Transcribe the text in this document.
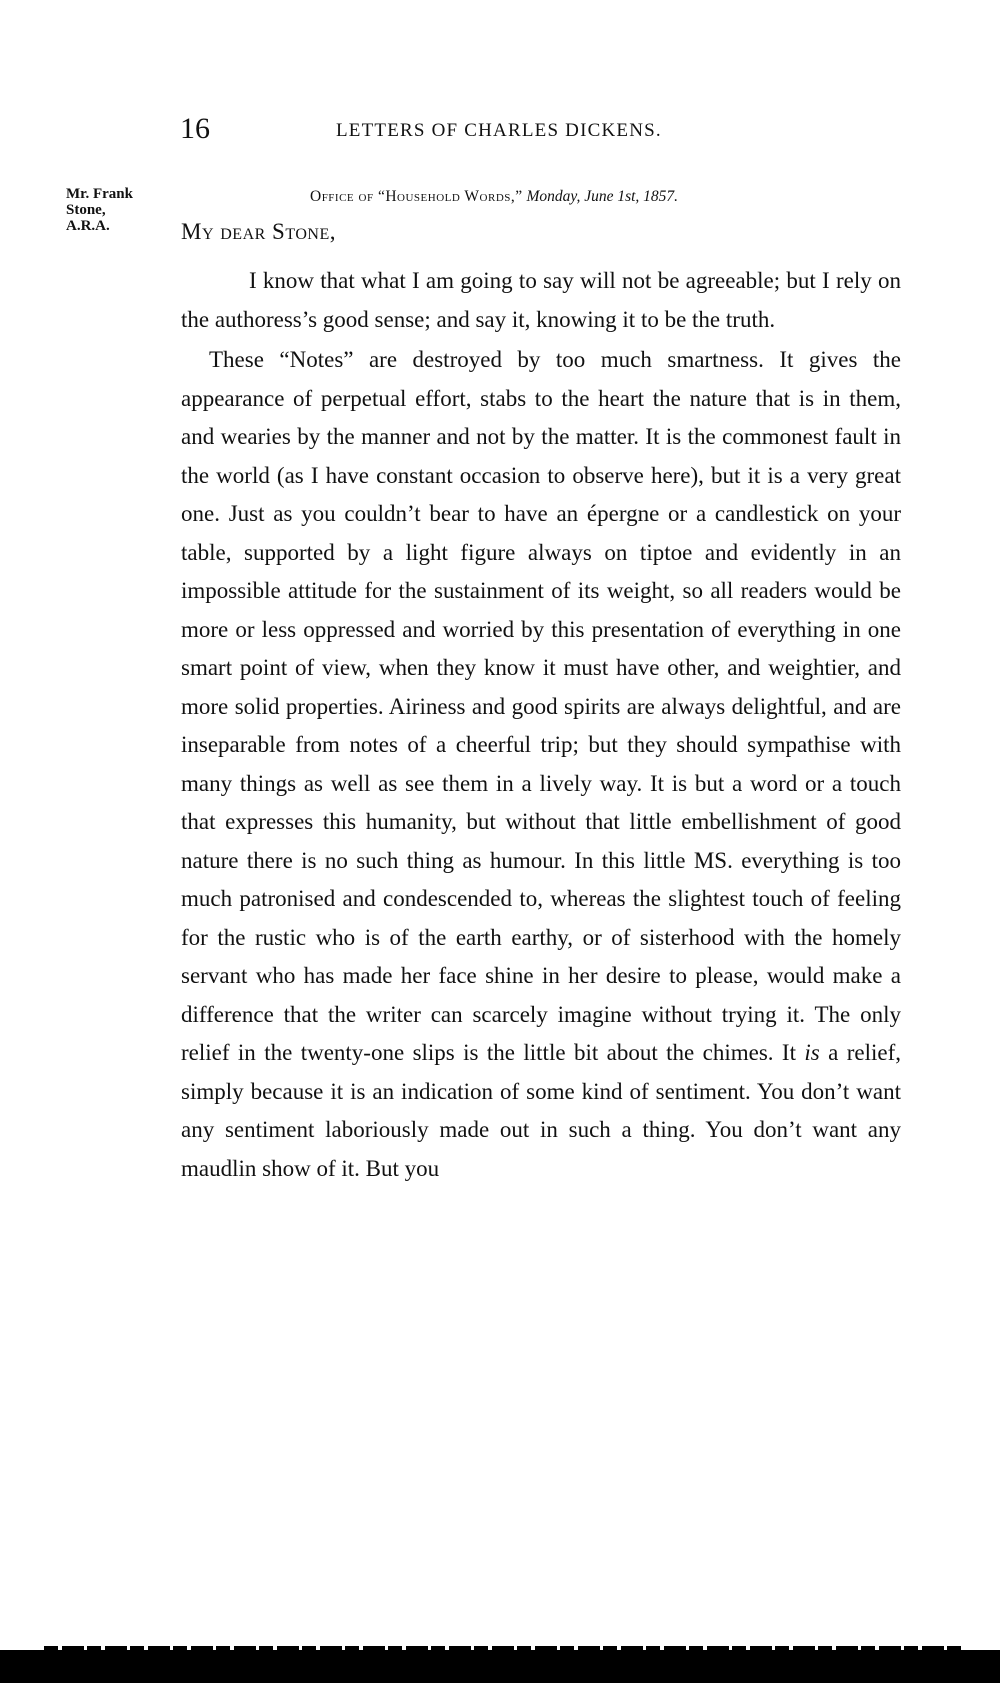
16	LETTERS OF CHARLES DICKENS.
Mr. Frank
Stone,
A.R.A.
Office of “Household Words,” Monday, June 1st, 1857.
My dear Stone,

I know that what I am going to say will not be agreeable; but I rely on the authoress’s good sense; and say it, knowing it to be the truth.

These “Notes” are destroyed by too much smartness. It gives the appearance of perpetual effort, stabs to the heart the nature that is in them, and wearies by the manner and not by the matter. It is the commonest fault in the world (as I have constant occasion to observe here), but it is a very great one. Just as you couldn’t bear to have an épergne or a candlestick on your table, supported by a light figure always on tiptoe and evidently in an impossible attitude for the sustainment of its weight, so all readers would be more or less oppressed and worried by this presentation of everything in one smart point of view, when they know it must have other, and weightier, and more solid properties. Airiness and good spirits are always delightful, and are inseparable from notes of a cheerful trip; but they should sympathise with many things as well as see them in a lively way. It is but a word or a touch that expresses this humanity, but without that little embellishment of good nature there is no such thing as humour. In this little MS. everything is too much patronised and condescended to, whereas the slightest touch of feeling for the rustic who is of the earth earthy, or of sisterhood with the homely servant who has made her face shine in her desire to please, would make a difference that the writer can scarcely imagine without trying it. The only relief in the twenty-one slips is the little bit about the chimes. It is a relief, simply because it is an indication of some kind of sentiment. You don’t want any sentiment laboriously made out in such a thing. You don’t want any maudlin show of it. But you
